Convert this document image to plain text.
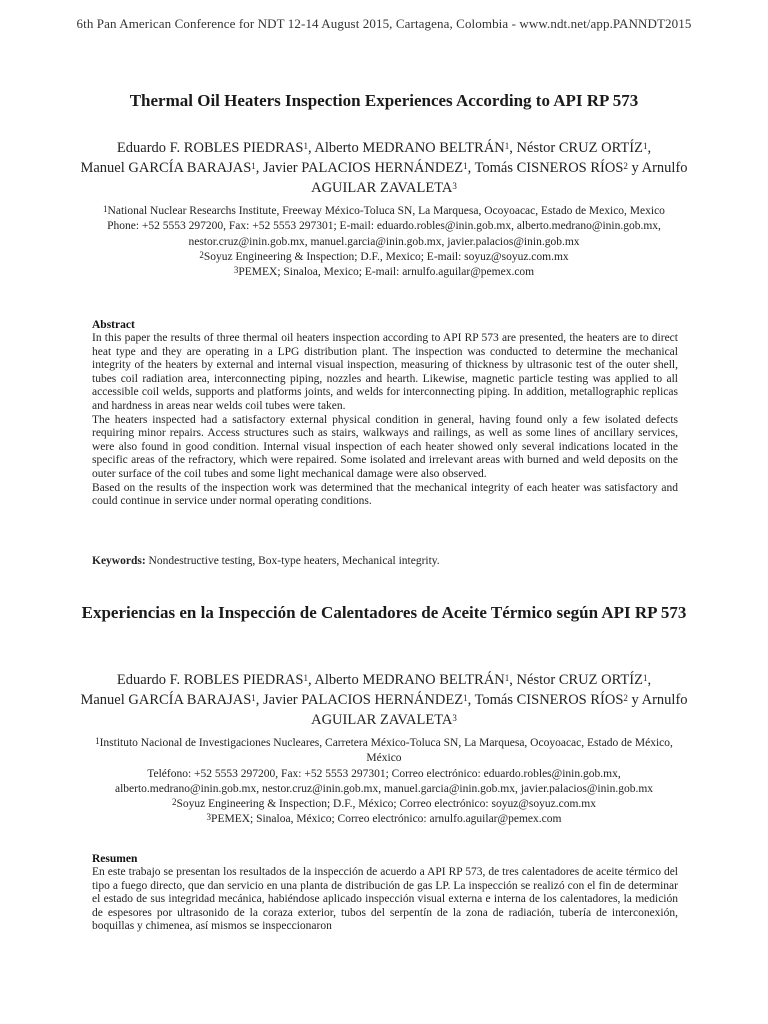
6th Pan American Conference for NDT 12-14 August 2015, Cartagena, Colombia - www.ndt.net/app.PANNDT2015
Thermal Oil Heaters Inspection Experiences According to API RP 573
Eduardo F. ROBLES PIEDRAS$^1$, Alberto MEDRANO BELTRÁN$^1$, Néstor CRUZ ORTÍZ$^1$,
Manuel GARCÍA BARAJAS$^1$, Javier PALACIOS HERNÁNDEZ$^1$, Tomás CISNEROS RÍOS$^2$ y Arnulfo AGUILAR ZAVALETA$^3$
$^1$National Nuclear Researchs Institute, Freeway México-Toluca SN, La Marquesa, Ocoyoacac, Estado de Mexico, Mexico
Phone: +52 5553 297200, Fax: +52 5553 297301; E-mail: eduardo.robles@inin.gob.mx, alberto.medrano@inin.gob.mx, nestor.cruz@inin.gob.mx, manuel.garcia@inin.gob.mx, javier.palacios@inin.gob.mx
$^2$Soyuz Engineering & Inspection; D.F., Mexico; E-mail: soyuz@soyuz.com.mx
$^3$PEMEX; Sinaloa, Mexico; E-mail: arnulfo.aguilar@pemex.com
Abstract

In this paper the results of three thermal oil heaters inspection according to API RP 573 are presented, the heaters are to direct heat type and they are operating in a LPG distribution plant. The inspection was conducted to determine the mechanical integrity of the heaters by external and internal visual inspection, measuring of thickness by ultrasonic test of the outer shell, tubes coil radiation area, interconnecting piping, nozzles and hearth. Likewise, magnetic particle testing was applied to all accessible coil welds, supports and platforms joints, and welds for interconnecting piping. In addition, metallographic replicas and hardness in areas near welds coil tubes were taken.

The heaters inspected had a satisfactory external physical condition in general, having found only a few isolated defects requiring minor repairs. Access structures such as stairs, walkways and railings, as well as some lines of ancillary services, were also found in good condition. Internal visual inspection of each heater showed only several indications located in the specific areas of the refractory, which were repaired. Some isolated and irrelevant areas with burned and weld deposits on the outer surface of the coil tubes and some light mechanical damage were also observed.

Based on the results of the inspection work was determined that the mechanical integrity of each heater was satisfactory and could continue in service under normal operating conditions.

Keywords: Nondestructive testing, Box-type heaters, Mechanical integrity.
Experiencias en la Inspección de Calentadores de Aceite Térmico según API RP 573
Eduardo F. ROBLES PIEDRAS$^1$, Alberto MEDRANO BELTRÁN$^1$, Néstor CRUZ ORTÍZ$^1$,
Manuel GARCÍA BARAJAS$^1$, Javier PALACIOS HERNÁNDEZ$^1$, Tomás CISNEROS RÍOS$^2$ y Arnulfo AGUILAR ZAVALETA$^3$
$^1$Instituto Nacional de Investigaciones Nucleares, Carretera México-Toluca SN, La Marquesa, Ocoyoacac, Estado de México, México
Teléfono: +52 5553 297200, Fax: +52 5553 297301; Correo electrónico: eduardo.robles@inin.gob.mx, alberto.medrano@inin.gob.mx, nestor.cruz@inin.gob.mx, manuel.garcia@inin.gob.mx, javier.palacios@inin.gob.mx
$^2$Soyuz Engineering & Inspection; D.F., México; Correo electrónico: soyuz@soyuz.com.mx
$^3$PEMEX; Sinaloa, México; Correo electrónico: arnulfo.aguilar@pemex.com
Resumen

En este trabajo se presentan los resultados de la inspección de acuerdo a API RP 573, de tres calentadores de aceite térmico del tipo a fuego directo, que dan servicio en una planta de distribución de gas LP. La inspección se realizó con el fin de determinar el estado de sus integridad mecánica, habiéndose aplicado inspección visual externa e interna de los calentadores, la medición de espesores por ultrasonido de la coraza exterior, tubos del serpentín de la zona de radiación, tubería de interconexión, boquillas y chimenea, así mismos se inspeccionaron
